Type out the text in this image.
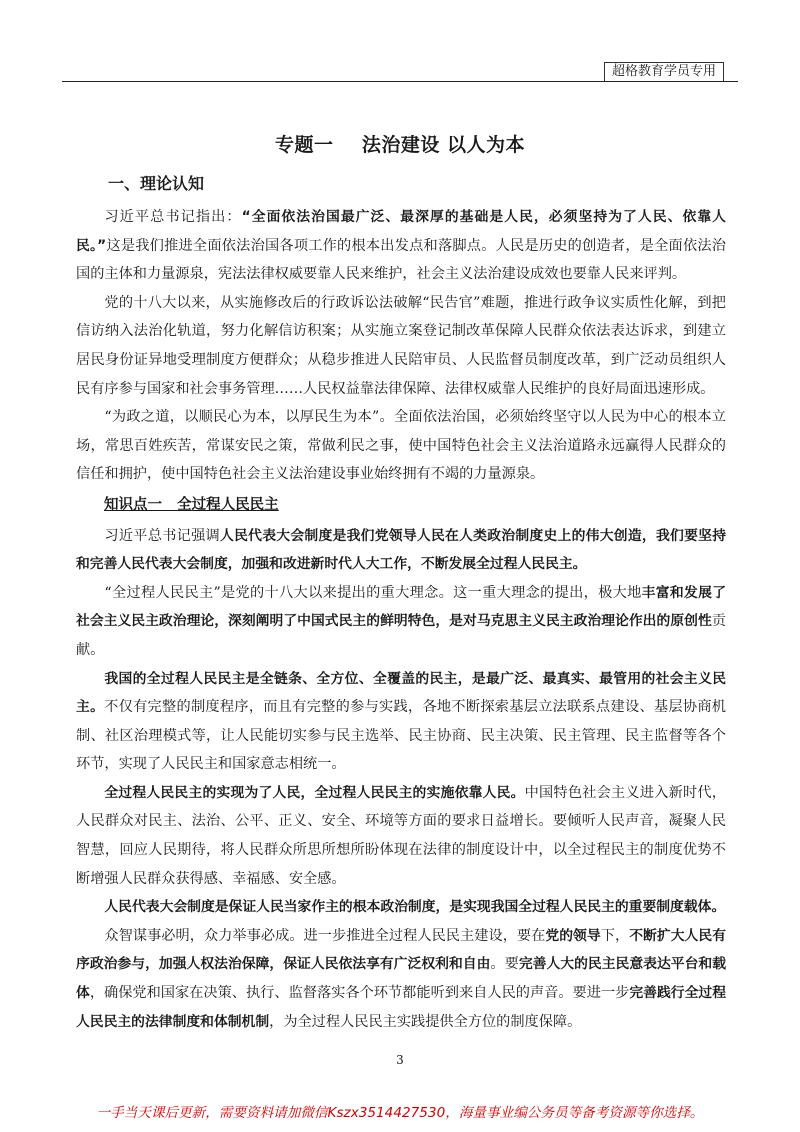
超格教育学员专用
专题一    法治建设 以人为本
一、理论认知

习近平总书记指出：“全面依法治国最广泛、最深厚的基础是人民，必须坚持为了人民、依靠人民。”这是我们推进全面依法治国各项工作的根本出发点和落脚点。人民是历史的创造者，是全面依法治国的主体和力量源泉，宪法法律权威要靠人民来维护，社会主义法治建设成效也要靠人民来评判。

党的十八大以来，从实施修改后的行政诉讼法破解“民告官”难题，推进行政争议实质性化解，到把信访纳入法治化轨道，努力化解信访积案；从实施立案登记制改革保障人民群众依法表达诉求，到建立居民身份证异地受理制度方便群众；从稳步推进人民陪审员、人民监督员制度改革，到广泛动员组织人民有序参与国家和社会事务管理……人民权益靠法律保障、法律权威靠人民维护的良好局面迅速形成。

“为政之道，以顺民心为本，以厚民生为本”。全面依法治国，必须始终坚守以人民为中心的根本立场，常思百姓疾苦，常谋安民之策，常做利民之事，使中国特色社会主义法治道路永远赢得人民群众的信任和拥护，使中国特色社会主义法治建设事业始终拥有不竭的力量源泉。

知识点一   全过程人民民主

习近平总书记强调人民代表大会制度是我们党领导人民在人类政治制度史上的伟大创造，我们要坚持和完善人民代表大会制度，加强和改进新时代人大工作，不断发展全过程人民民主。

“全过程人民民主”是党的十八大以来提出的重大理念。这一重大理念的提出，极大地丰富和发展了社会主义民主政治理论，深刻阐明了中国式民主的鲜明特色，是对马克思主义民主政治理论作出的原创性贡献。

我国的全过程人民民主是全链条、全方位、全覆盖的民主，是最广泛、最真实、最管用的社会主义民主。不仅有完整的制度程序，而且有完整的参与实践，各地不断探索基层立法联系点建设、基层协商机制、社区治理模式等，让人民能切实参与民主选举、民主协商、民主决策、民主管理、民主监督等各个环节，实现了人民民主和国家意志相统一。

全过程人民民主的实现为了人民，全过程人民民主的实施依靠人民。中国特色社会主义进入新时代，人民群众对民主、法治、公平、正义、安全、环境等方面的要求日益增长。要倾听人民声音，凝聚人民智慧，回应人民期待，将人民群众所思所想所盼体现在法律的制度设计中，以全过程民主的制度优势不断增强人民群众获得感、幸福感、安全感。

人民代表大会制度是保证人民当家作主的根本政治制度，是实现我国全过程人民民主的重要制度载体。

众智谋事必明，众力举事必成。进一步推进全过程人民民主建设，要在党的领导下，不断扩大人民有序政治参与，加强人权法治保障，保证人民依法享有广泛权利和自由。要完善人大的民主民意表达平台和载体，确保党和国家在决策、执行、监督落实各个环节都能听到来自人民的声音。要进一步完善践行全过程人民民主的法律制度和体制机制，为全过程人民民主实践提供全方位的制度保障。

3
一手当天课后更新，需要资料请加微信Kszx3514427530，海量事业编公务员等备考资源等你选择。
